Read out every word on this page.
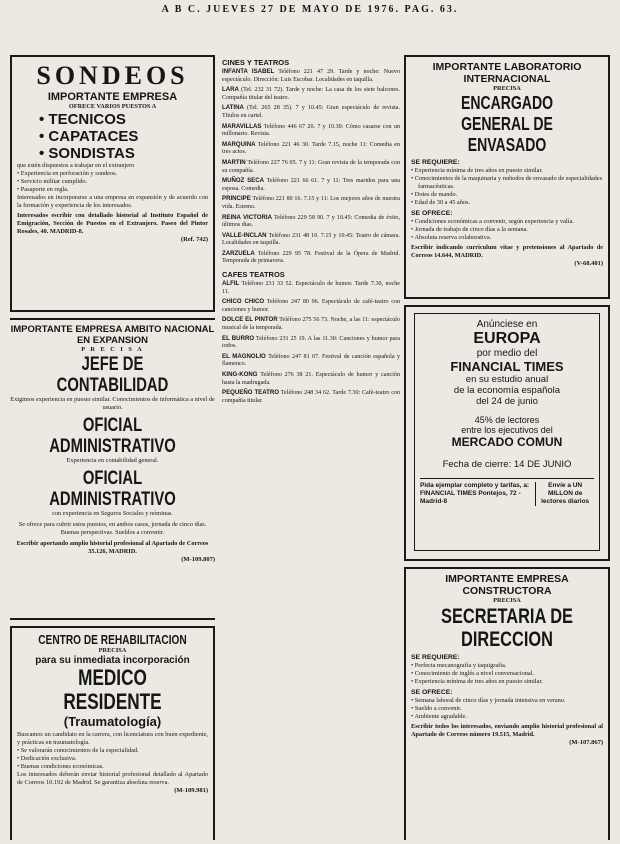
A B C. JUEVES 27 DE MAYO DE 1976. PAG. 63.
SONDEOS
IMPORTANTE EMPRESA
OFRECE VARIOS PUESTOS A
• TECNICOS
• CAPATACES
• SONDISTAS
que estén dispuestos a trabajar en el extranjero
• Experiencia en perforación y sondeos.
• Servicio militar cumplido.
• Pasaporte en regla.
Interesados en incorporarse a una empresa en expansión y de acuerdo con la formación y experiencia de los interesados.
Interesados escribir con detallado historial al Instituto Español de Emigración, Sección de Puestos en el Extranjero. Paseo del Pintor Rosales, 40. MADRID-8.
(Ref. 742)
IMPORTANTE EMPRESA AMBITO NACIONAL EN EXPANSION
P R E C I S A
JEFE DE CONTABILIDAD
Exigimos experiencia en puesto similar. Conocimientos de informática a nivel de usuario.
OFICIAL ADMINISTRATIVO
Experiencia en contabilidad general.
OFICIAL ADMINISTRATIVO
con experiencia en Seguros Sociales y nóminas.
Se ofrece para cubrir estos puestos, en ambos casos, jornada de cinco días. Buenas perspectivas. Sueldos a convenir.
Escribir aportando amplio historial profesional al Apartado de Correos 35.126, MADRID.
(M-109.807)
CENTRO DE REHABILITACION
PRECISA
para su inmediata incorporación
MEDICO RESIDENTE
(Traumatología)
Buscamos un candidato en la carrera, con licenciatura con buen expediente, y prácticas en traumatología.
• Se valorarán conocimientos de la especialidad.
• Dedicación exclusiva.
• Buenas condiciones económicas.
Los interesados deberán enviar historial profesional detallado al Apartado de Correos 10.192 de Madrid. Se garantiza absoluta reserva.
(M-109.981)
CINES Y TEATROS

INFANTA ISABEL Teléfono 221 47 29. Tarde y noche: Nuevo espectáculo. Dirección: Luis Escobar. Localidades en taquilla.

LARA (Tel. 232 31 72). Tarde y noche: La casa de los siete balcones. Compañía titular del teatro.

LATINA (Tel. 265 28 35). 7 y 10.45: Gran espectáculo de revista. Títulos en cartel.

MARAVILLAS Teléfono 446 67 20. 7 y 10.30: Cómo casarse con un millonario. Revista.

MARQUINA Teléfono 221 46 30. Tarde 7.15, noche 11: Comedia en tres actos.

MARTIN Teléfono 227 76 05. 7 y 11: Gran revista de la temporada con su compañía.

MUÑOZ SECA Teléfono 221 66 61. 7 y 11: Tres maridos para una esposa. Comedia.

PRINCIPE Teléfono 221 80 16. 7.15 y 11: Los mejores años de nuestra vida. Estreno.

REINA VICTORIA Teléfono 229 58 90. 7 y 10.45: Comedia de éxito, últimos días.

VALLE-INCLAN Teléfono 231 48 10. 7.15 y 10.45: Teatro de cámara. Localidades en taquilla.

ZARZUELA Teléfono 229 95 78. Festival de la Ópera de Madrid. Temporada de primavera.

CAFES TEATROS

ALFIL Teléfono 231 33 52. Espectáculo de humor. Tarde 7.30, noche 11.

CHICO CHICO Teléfono 247 80 96. Espectáculo de café-teatro con canciones y humor.

DOLCE EL PINTOR Teléfono 275 56 73. Noche, a las 11: espectáculo musical de la temporada.

EL BURRO Teléfono 231 25 19. A las 11.30: Canciones y humor para todos.

EL MAGNOLIO Teléfono 247 81 07. Festival de canción española y flamenco.

KING-KONG Teléfono 276 38 21. Espectáculo de humor y canción hasta la madrugada.

PEQUEÑO TEATRO Teléfono 248 34 62. Tarde 7.30: Café-teatro con compañía titular.

IMPORTANTE LABORATORIO INTERNACIONAL
PRECISA
ENCARGADO GENERAL DE ENVASADO
SE REQUIERE:
• Experiencia mínima de tres años en puesto similar.
• Conocimientos de la maquinaria y métodos de envasado de especialidades farmacéuticas.
• Dotes de mando.
• Edad de 30 a 45 años.
SE OFRECE:
• Condiciones económicas a convenir, según experiencia y valía.
• Jornada de trabajo de cinco días a la semana.
• Absoluta reserva colaborativa.
Escribir indicando curriculum vitae y pretensiones al Apartado de Correos 14.644, MADRID.
(V-68.401)
Anúnciese en
EUROPA
por medio del
FINANCIAL TIMES
en su estudio anual
de la economía española
del 24 de junio
45% de lectores
entre los ejecutivos del
MERCADO COMUN
Fecha de cierre: 14 DE JUNIO
Pida ejemplar completo y tarifas, a: FINANCIAL TIMES Pontejos, 72 - Madrid-8
Envíe a UN MILLON de lectores diarios
IMPORTANTE EMPRESA CONSTRUCTORA
PRECISA
SECRETARIA DE DIRECCION
SE REQUIERE:
• Perfecta mecanografía y taquigrafía.
• Conocimiento de inglés a nivel conversacional.
• Experiencia mínima de tres años en puesto similar.
SE OFRECE:
• Semana laboral de cinco días y jornada intensiva en verano.
• Sueldo a convenir.
• Ambiente agradable.
Escribir todos los interesados, enviando amplio historial profesional al Apartado de Correos número 19.515, Madrid.
(M-107.867)
